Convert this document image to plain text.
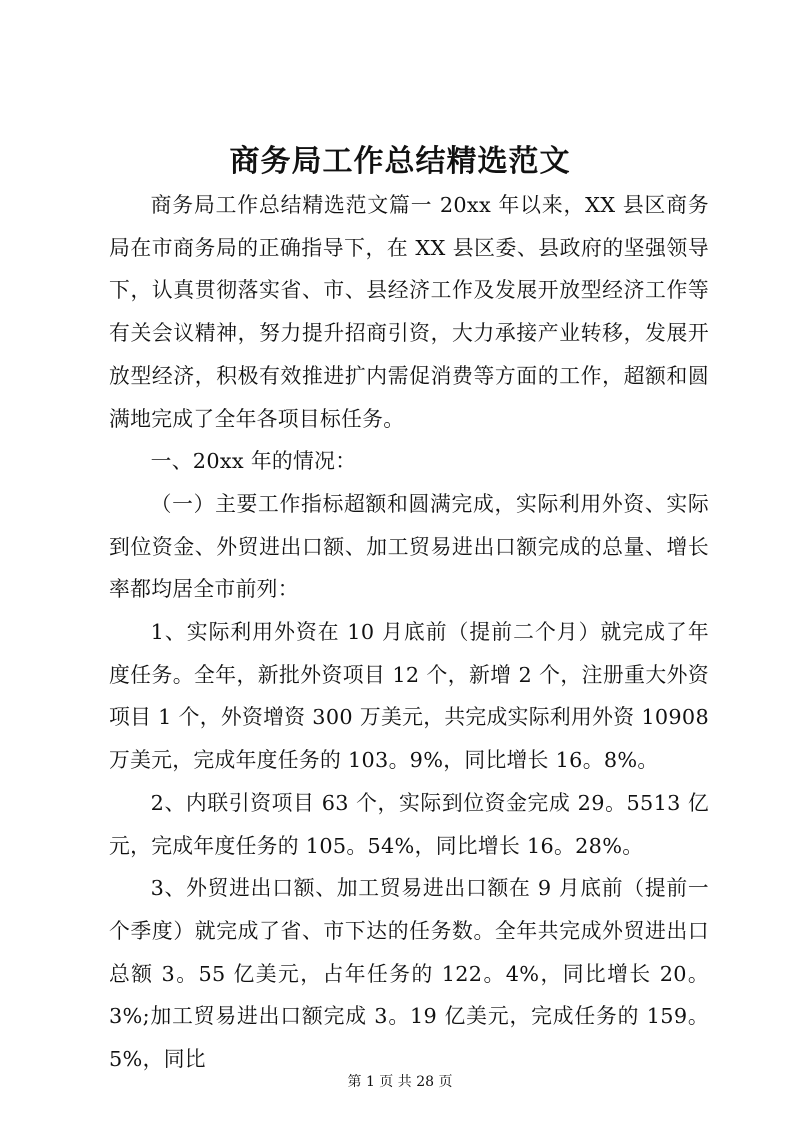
商务局工作总结精选范文

商务局工作总结精选范文篇一 20xx 年以来，XX 县区商务局在市商务局的正确指导下，在 XX 县区委、县政府的坚强领导下，认真贯彻落实省、市、县经济工作及发展开放型经济工作等有关会议精神，努力提升招商引资，大力承接产业转移，发展开放型经济，积极有效推进扩内需促消费等方面的工作，超额和圆满地完成了全年各项目标任务。

一、20xx 年的情况：

（一）主要工作指标超额和圆满完成，实际利用外资、实际到位资金、外贸进出口额、加工贸易进出口额完成的总量、增长率都均居全市前列：

1、实际利用外资在 10 月底前（提前二个月）就完成了年度任务。全年，新批外资项目 12 个，新增 2 个，注册重大外资项目 1 个，外资增资 300 万美元，共完成实际利用外资 10908 万美元，完成年度任务的 103。9%，同比增长 16。8%。

2、内联引资项目 63 个，实际到位资金完成 29。5513 亿元，完成年度任务的 105。54%，同比增长 16。28%。

3、外贸进出口额、加工贸易进出口额在 9 月底前（提前一个季度）就完成了省、市下达的任务数。全年共完成外贸进出口总额 3。55 亿美元，占年任务的 122。4%，同比增长 20。3%;加工贸易进出口额完成 3。19 亿美元，完成任务的 159。5%，同比

第 1 页 共 28 页
